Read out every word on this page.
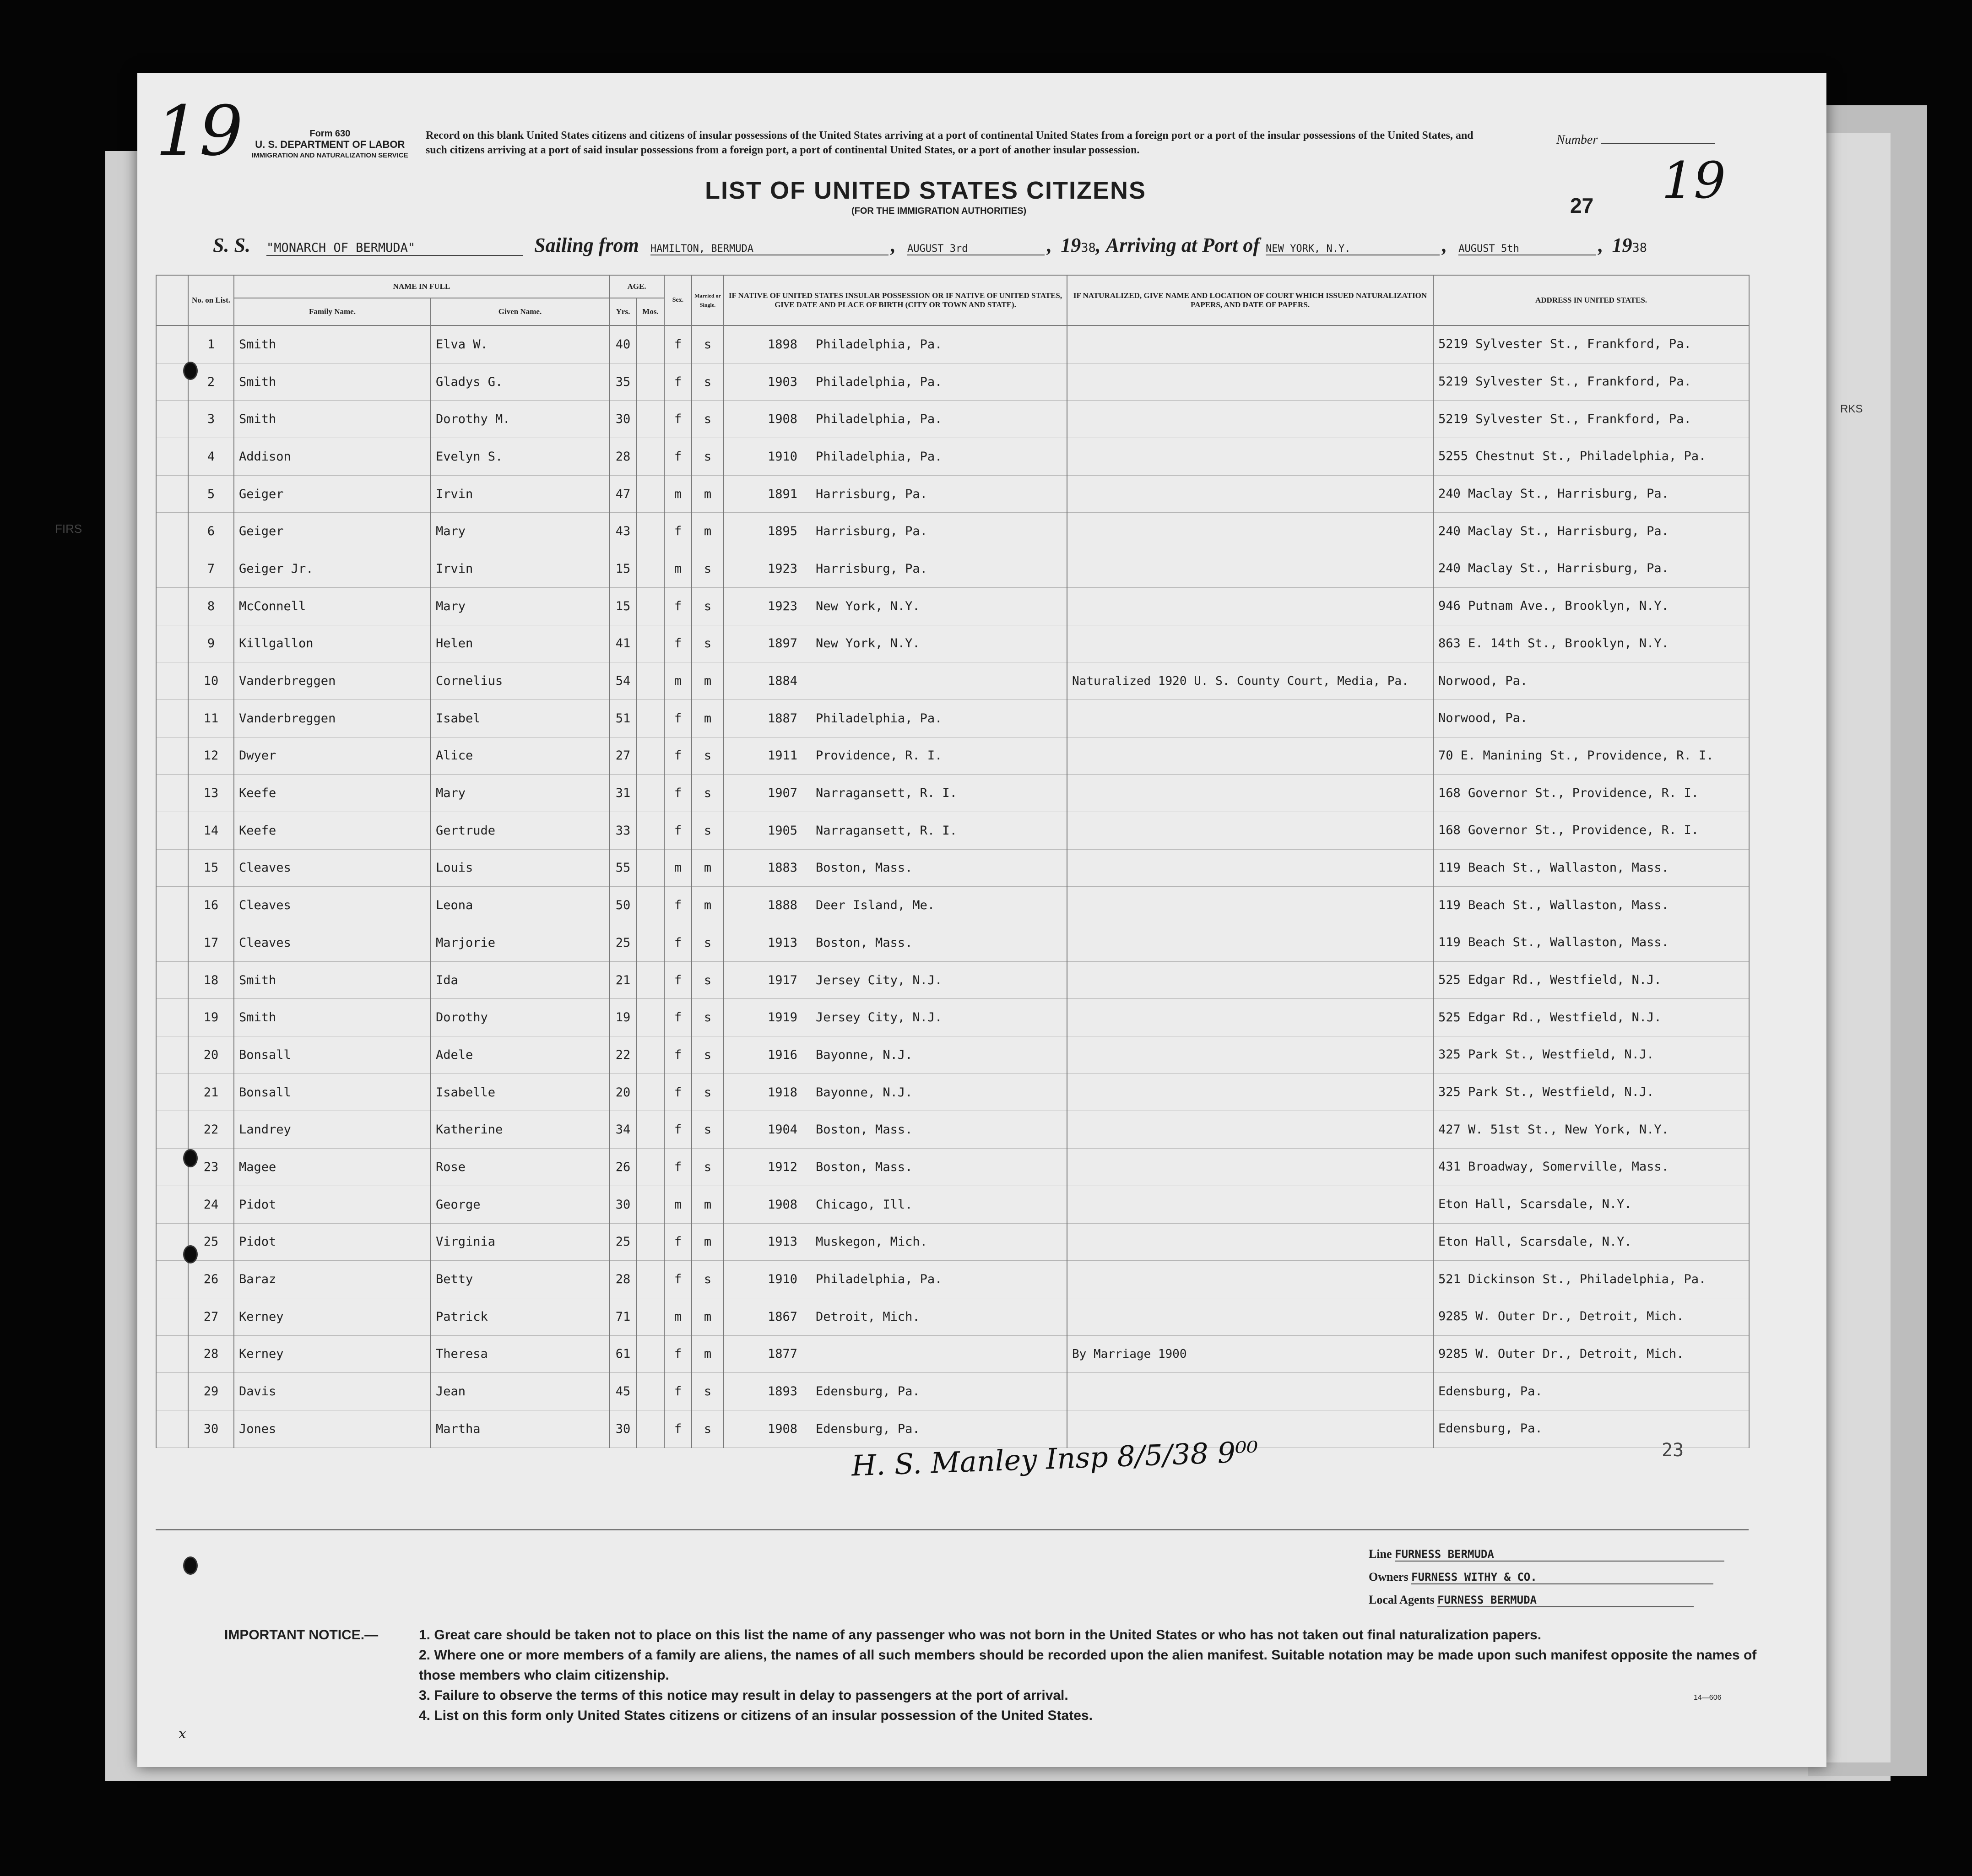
FIRS
RKS
19	Form 630
U. S. DEPARTMENT OF LABOR
IMMIGRATION AND NATURALIZATION SERVICE
Record on this blank United States citizens and citizens of insular possessions of the United States arriving at a port of continental United States from a foreign port or a port of the insular possessions of the United States, and such citizens arriving at a port of said insular possessions from a foreign port, a port of continental United States, or a port of another insular possession.
Number
19
LIST OF UNITED STATES CITIZENS
(FOR THE IMMIGRATION AUTHORITIES)	27
S. S. "MONARCH OF BERMUDA"	Sailing from HAMILTON, BERMUDA	, AUGUST 3rd	, 1938, Arriving at Port of NEW YORK, N.Y.	, AUGUST 5th	, 1938
	No. on List.	NAME IN FULL		AGE.		Sex.	Married or Single.	IF NATIVE OF UNITED STATES INSULAR POSSESSION OR IF NATIVE OF UNITED STATES, GIVE DATE AND PLACE OF BIRTH (CITY OR TOWN AND STATE).	IF NATURALIZED, GIVE NAME AND LOCATION OF COURT WHICH ISSUED NATURALIZATION PAPERS, AND DATE OF PAPERS.	ADDRESS IN UNITED STATES.
		Family Name.	Given Name.	Yrs.	Mos.					
	1	Smith	Elva W.	40		f	s	1898 Philadelphia, Pa.		5219 Sylvester St., Frankford, Pa.
	2	Smith	Gladys G.	35		f	s	1903 Philadelphia, Pa.		5219 Sylvester St., Frankford, Pa.
	3	Smith	Dorothy M.	30		f	s	1908 Philadelphia, Pa.		5219 Sylvester St., Frankford, Pa.
	4	Addison	Evelyn S.	28		f	s	1910 Philadelphia, Pa.		5255 Chestnut St., Philadelphia, Pa.
	5	Geiger	Irvin	47		m	m	1891 Harrisburg, Pa.		240 Maclay St., Harrisburg, Pa.
	6	Geiger	Mary	43		f	m	1895 Harrisburg, Pa.		240 Maclay St., Harrisburg, Pa.
	7	Geiger Jr.	Irvin	15		m	s	1923 Harrisburg, Pa.		240 Maclay St., Harrisburg, Pa.
	8	McConnell	Mary	15		f	s	1923 New York, N.Y.		946 Putnam Ave., Brooklyn, N.Y.
	9	Killgallon	Helen	41		f	s	1897 New York, N.Y.		863 E. 14th St., Brooklyn, N.Y.
	10	Vanderbreggen	Cornelius	54		m	m	1884	Naturalized 1920 U. S. County Court, Media, Pa.	Norwood, Pa.
	11	Vanderbreggen	Isabel	51		f	m	1887 Philadelphia, Pa.		Norwood, Pa.
	12	Dwyer	Alice	27		f	s	1911 Providence, R. I.		70 E. Manining St., Providence, R. I.
	13	Keefe	Mary	31		f	s	1907 Narragansett, R. I.		168 Governor St., Providence, R. I.
	14	Keefe	Gertrude	33		f	s	1905 Narragansett, R. I.		168 Governor St., Providence, R. I.
	15	Cleaves	Louis	55		m	m	1883 Boston, Mass.		119 Beach St., Wallaston, Mass.
	16	Cleaves	Leona	50		f	m	1888 Deer Island, Me.		119 Beach St., Wallaston, Mass.
	17	Cleaves	Marjorie	25		f	s	1913 Boston, Mass.		119 Beach St., Wallaston, Mass.
	18	Smith	Ida	21		f	s	1917 Jersey City, N.J.		525 Edgar Rd., Westfield, N.J.
	19	Smith	Dorothy	19		f	s	1919 Jersey City, N.J.		525 Edgar Rd., Westfield, N.J.
	20	Bonsall	Adele	22		f	s	1916 Bayonne, N.J.		325 Park St., Westfield, N.J.
	21	Bonsall	Isabelle	20		f	s	1918 Bayonne, N.J.		325 Park St., Westfield, N.J.
	22	Landrey	Katherine	34		f	s	1904 Boston, Mass.		427 W. 51st St., New York, N.Y.
	23	Magee	Rose	26		f	s	1912 Boston, Mass.		431 Broadway, Somerville, Mass.
	24	Pidot	George	30		m	m	1908 Chicago, Ill.		Eton Hall, Scarsdale, N.Y.
	25	Pidot	Virginia	25		f	m	1913 Muskegon, Mich.		Eton Hall, Scarsdale, N.Y.
	26	Baraz	Betty	28		f	s	1910 Philadelphia, Pa.		521 Dickinson St., Philadelphia, Pa.
	27	Kerney	Patrick	71		m	m	1867 Detroit, Mich.		9285 W. Outer Dr., Detroit, Mich.
	28	Kerney	Theresa	61		f	m	1877	By Marriage 1900	9285 W. Outer Dr., Detroit, Mich.
	29	Davis	Jean	45		f	s	1893 Edensburg, Pa.		Edensburg, Pa.
	30	Jones	Martha	30		f	s	1908 Edensburg, Pa.		Edensburg, Pa.
H. S. Manley Insp 8/5/38 9⁰⁰	23
Line FURNESS BERMUDA
Owners FURNESS WITHY & CO.
Local Agents FURNESS BERMUDA
IMPORTANT NOTICE.—	1. Great care should be taken not to place on this list the name of any passenger who was not born in the United States or who has not taken out final naturalization papers.
2. Where one or more members of a family are aliens, the names of all such members should be recorded upon the alien manifest. Suitable notation may be made upon such manifest opposite the names of those members who claim citizenship.
3. Failure to observe the terms of this notice may result in delay to passengers at the port of arrival.
4. List on this form only United States citizens or citizens of an insular possession of the United States.
14—606
x
